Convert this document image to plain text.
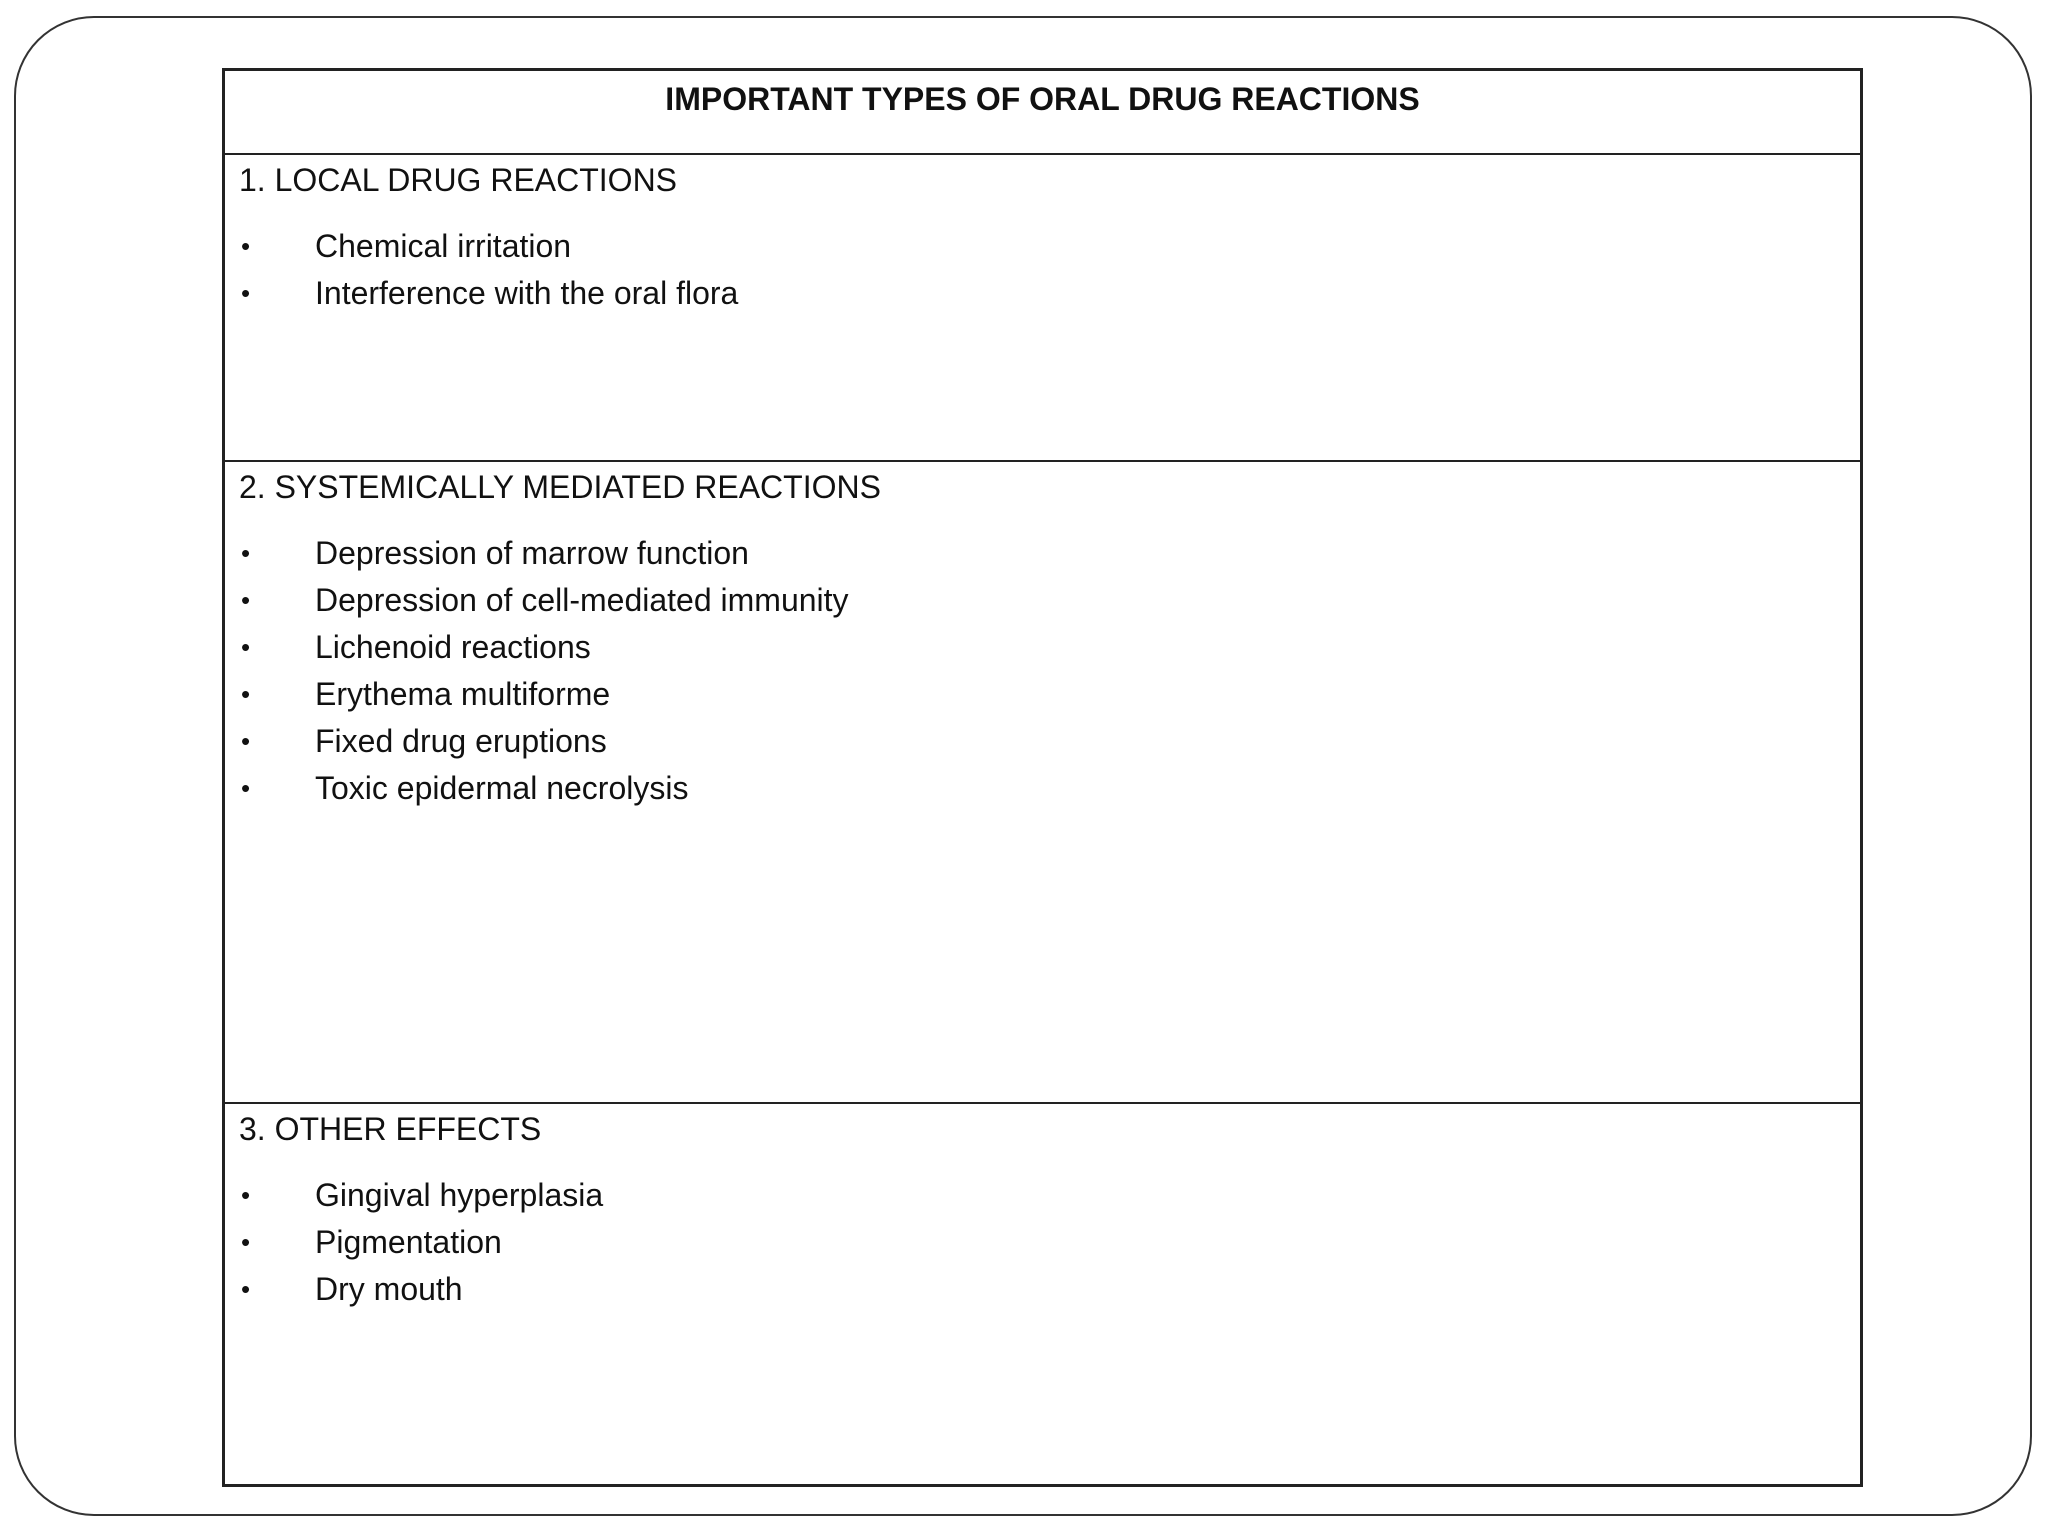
IMPORTANT TYPES OF ORAL DRUG REACTIONS
1. LOCAL DRUG REACTIONS
•	Chemical irritation
•	Interference with the oral flora
2. SYSTEMICALLY MEDIATED REACTIONS
•	Depression of marrow function
•	Depression of cell-mediated immunity
•	Lichenoid reactions
•	Erythema multiforme
•	Fixed drug eruptions
•	Toxic epidermal necrolysis
3. OTHER EFFECTS
•	Gingival hyperplasia
•	Pigmentation
•	Dry mouth
